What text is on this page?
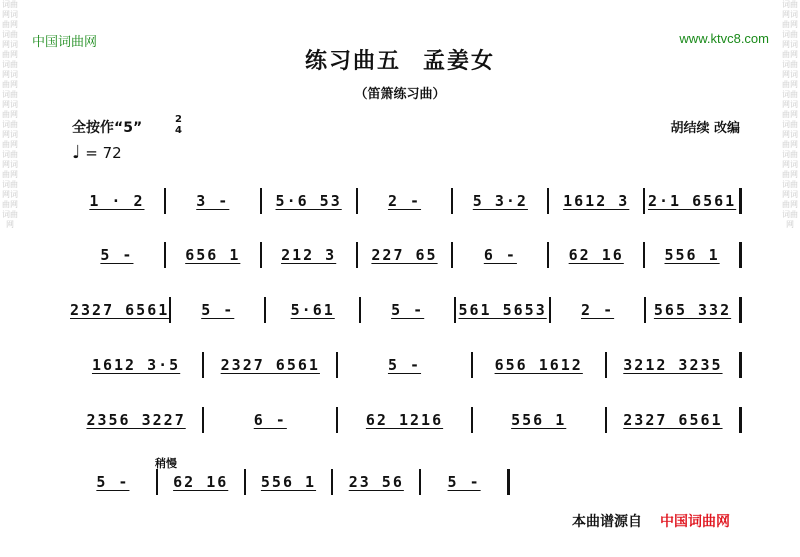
词曲网词曲网词曲网词曲网词曲网词曲网词曲网词曲网词曲网词曲网词曲网词曲网词曲网词曲网词曲网
词曲网词曲网词曲网词曲网词曲网词曲网词曲网词曲网词曲网词曲网词曲网词曲网词曲网词曲网词曲网
中国词曲网	www.ktvc8.com
练习曲五 孟姜女
（笛箫练习曲）
全按作“5”
2
4
♩ = 72
胡结续 改编
1 · 2	3 -	5·6 53	2 -	5 3·2 1612 3 2·1 6561
5 -	656 1	212 3 227 65	6 -	62 16	556 1
2327 6561 5 -	5·61	5 - 561 5653 2 -	565 332
1612 3·5	2327 6561	5 -	656 1612	3212 3235
2356 3227	6 -	62 1216	556 1	2327 6561
5 -	62 16 556 1 23 56	5 -
稍慢
本曲谱源自 中国词曲网
